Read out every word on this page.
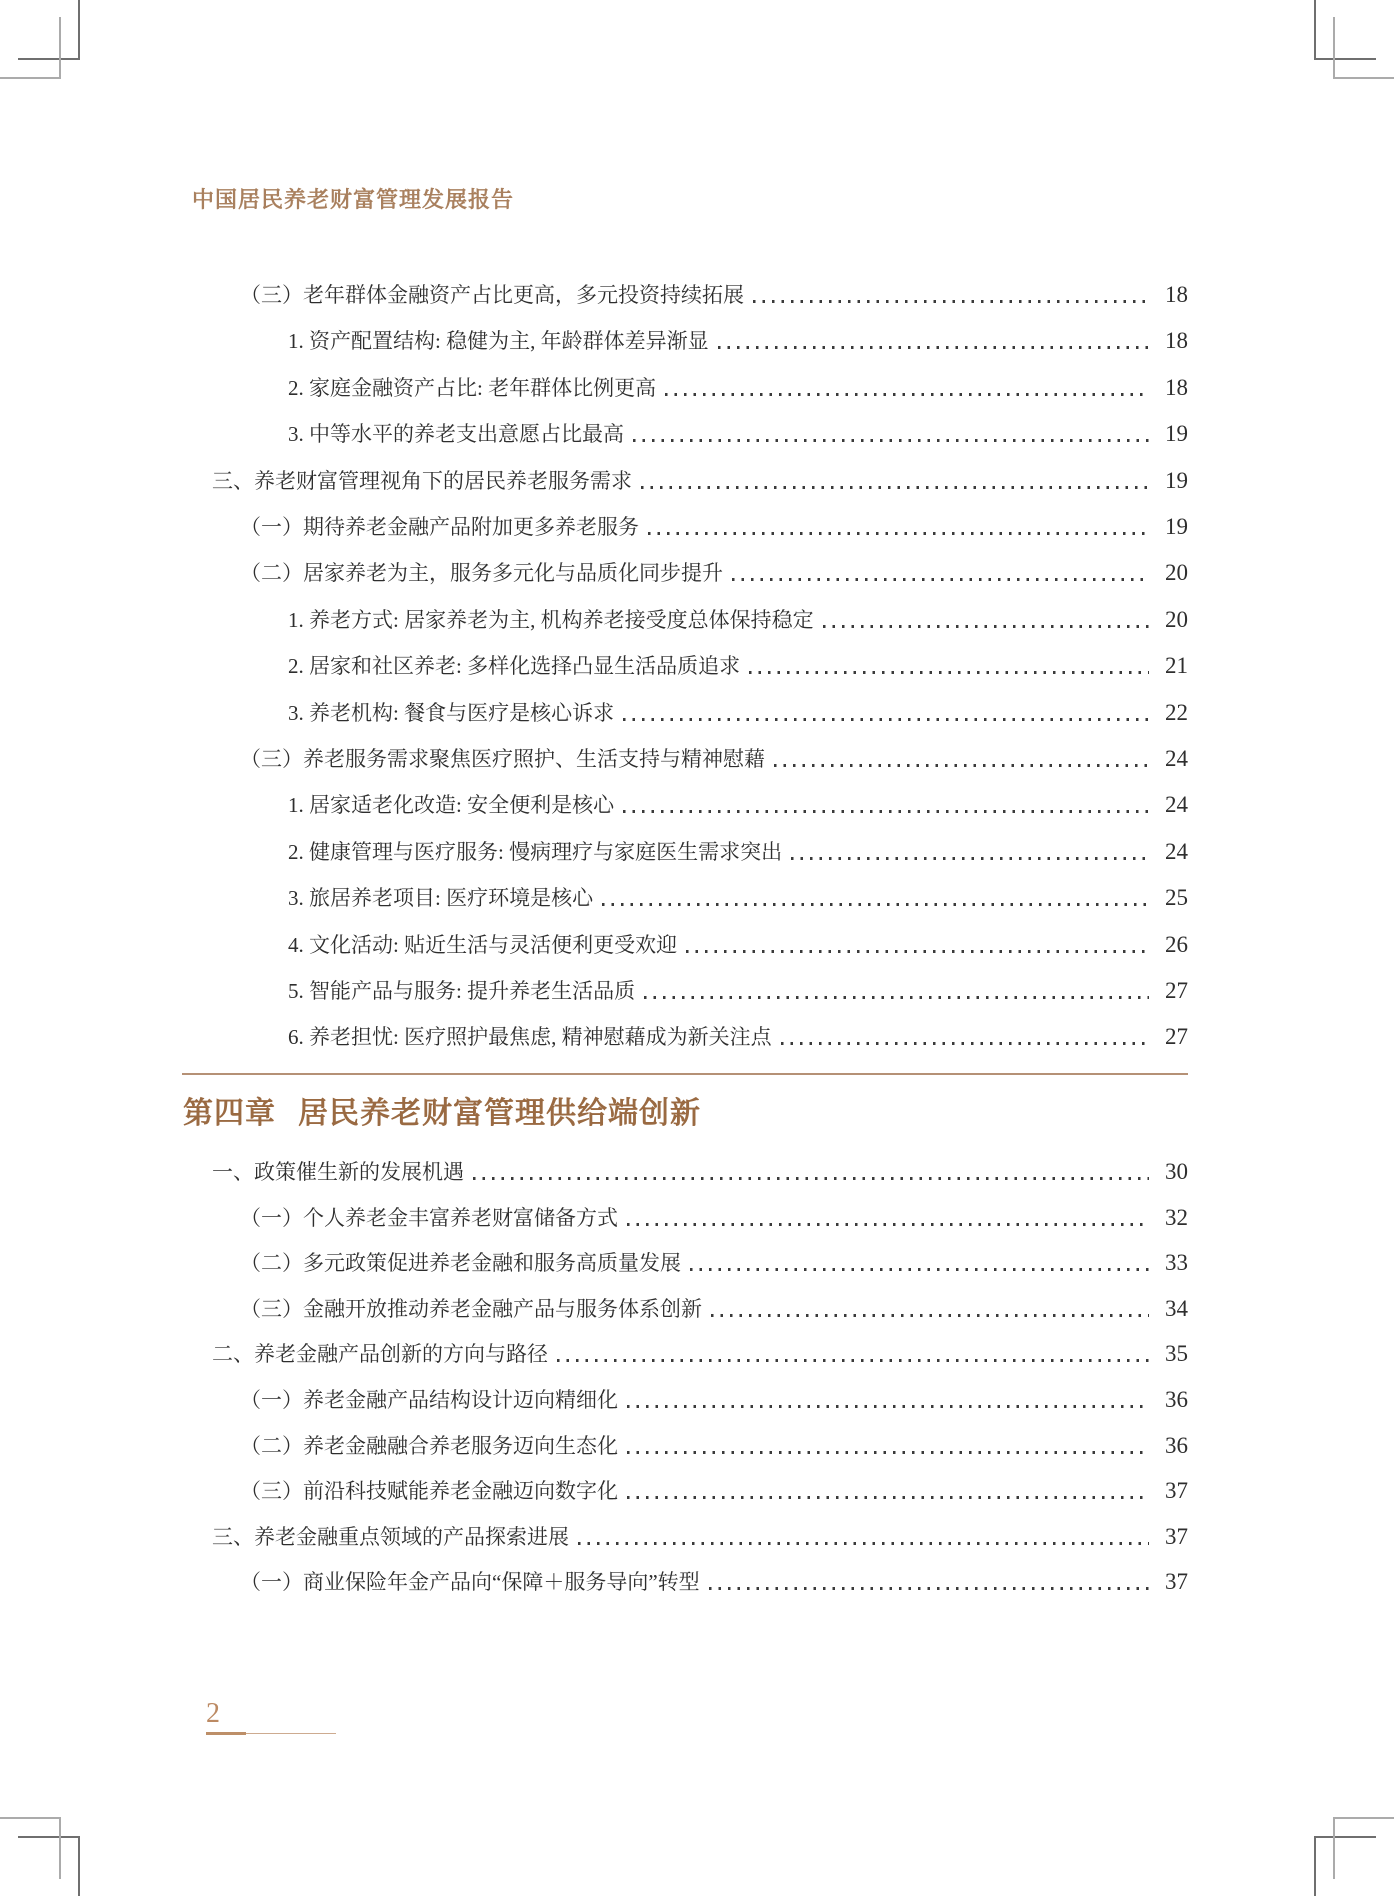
中国居民养老财富管理发展报告
（三）老年群体金融资产占比更高，多元投资持续拓展	18
1. 资产配置结构: 稳健为主, 年龄群体差异渐显	18
2. 家庭金融资产占比: 老年群体比例更高	18
3. 中等水平的养老支出意愿占比最高	19
三、养老财富管理视角下的居民养老服务需求	19
（一）期待养老金融产品附加更多养老服务	19
（二）居家养老为主，服务多元化与品质化同步提升	20
1. 养老方式: 居家养老为主, 机构养老接受度总体保持稳定	20
2. 居家和社区养老: 多样化选择凸显生活品质追求	21
3. 养老机构: 餐食与医疗是核心诉求	22
（三）养老服务需求聚焦医疗照护、生活支持与精神慰藉	24
1. 居家适老化改造: 安全便利是核心	24
2. 健康管理与医疗服务: 慢病理疗与家庭医生需求突出	24
3. 旅居养老项目: 医疗环境是核心	25
4. 文化活动: 贴近生活与灵活便利更受欢迎	26
5. 智能产品与服务: 提升养老生活品质	27
6. 养老担忧: 医疗照护最焦虑, 精神慰藉成为新关注点	27
第四章 居民养老财富管理供给端创新
一、政策催生新的发展机遇	30
（一）个人养老金丰富养老财富储备方式	32
（二）多元政策促进养老金融和服务高质量发展	33
（三）金融开放推动养老金融产品与服务体系创新	34
二、养老金融产品创新的方向与路径	35
（一）养老金融产品结构设计迈向精细化	36
（二）养老金融融合养老服务迈向生态化	36
（三）前沿科技赋能养老金融迈向数字化	37
三、养老金融重点领域的产品探索进展	37
（一）商业保险年金产品向“保障＋服务导向”转型	37
2
